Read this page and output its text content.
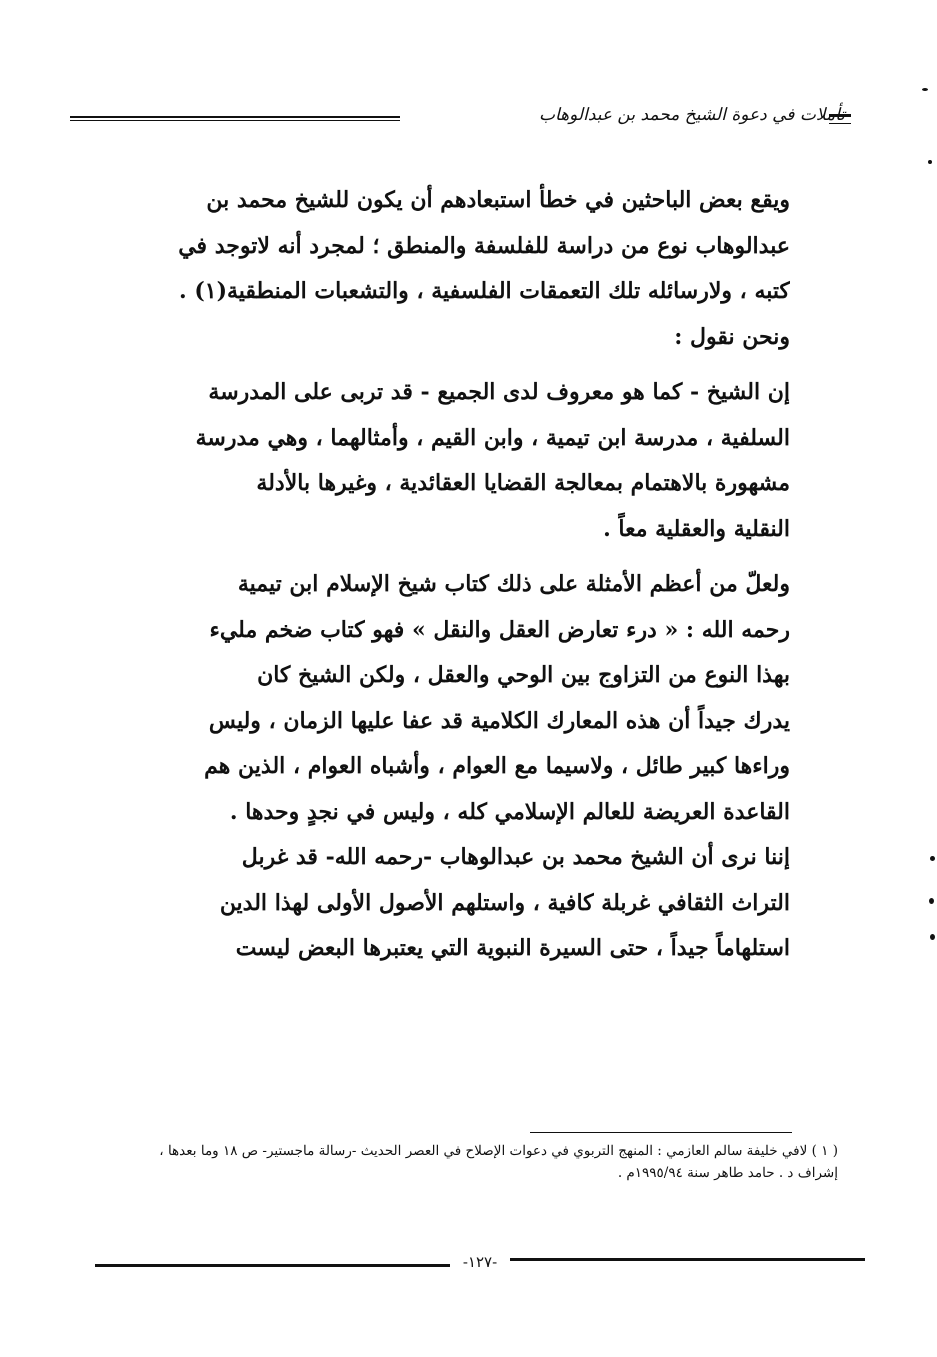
تأملات في دعوة الشيخ محمد بن عبدالوهاب
ويقع بعض الباحثين في خطأ استبعادهم أن يكون للشيخ محمد بن
عبدالوهاب نوع من دراسة للفلسفة والمنطق ؛ لمجرد أنه لاتوجد في
كتبه ، ولارسائله تلك التعمقات الفلسفية ، والتشعبات المنطقية(١) .
ونحن نقول :
إن الشيخ - كما هو معروف لدى الجميع - قد تربى على المدرسة
السلفية ، مدرسة ابن تيمية ، وابن القيم ، وأمثالهما ، وهي مدرسة
مشهورة بالاهتمام بمعالجة القضايا العقائدية ، وغيرها بالأدلة
النقلية والعقلية معاً .
ولعلّ من أعظم الأمثلة على ذلك كتاب شيخ الإسلام ابن تيمية
رحمه الله : « درء تعارض العقل والنقل » فهو كتاب ضخم مليء
بهذا النوع من التزاوج بين الوحي والعقل ، ولكن الشيخ كان
يدرك جيداً أن هذه المعارك الكلامية قد عفا عليها الزمان ، وليس
وراءها كبير طائل ، ولاسيما مع العوام ، وأشباه العوام ، الذين هم
القاعدة العريضة للعالم الإسلامي كله ، وليس في نجدٍ وحدها .
إننا نرى أن الشيخ محمد بن عبدالوهاب -رحمه الله- قد غربل
التراث الثقافي غربلة كافية ، واستلهم الأصول الأولى لهذا الدين
استلهاماً جيداً ، حتى السيرة النبوية التي يعتبرها البعض ليست
( ١ ) لافي خليفة سالم العازمي : المنهج التربوي في دعوات الإصلاح في العصر الحديث -رسالة ماجستير- ص ١٨ وما بعدها ،
إشراف د . حامد طاهر سنة ١٩٩٥/٩٤م .
-١٢٧-
